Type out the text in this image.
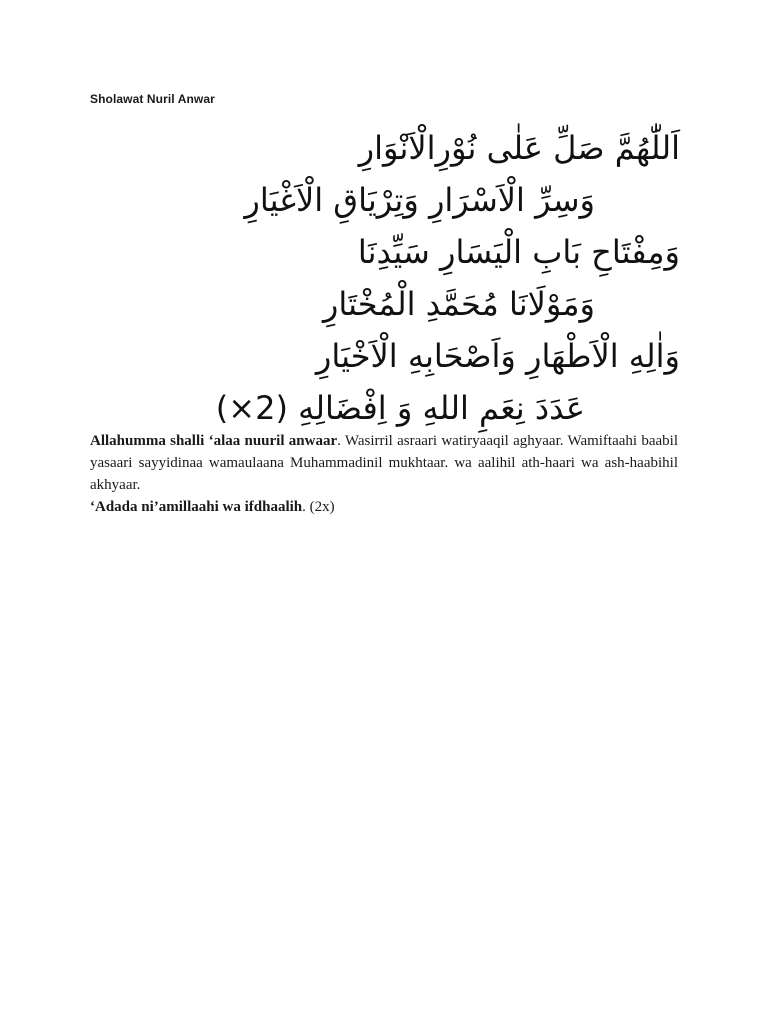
Sholawat Nuril Anwar
اَللّٰهُمَّ صَلِّ عَلٰى نُوْرِالْاَنْوَارِ
وَسِرِّ الْاَسْرَارِ وَتِرْيَاقِ الْاَغْيَارِ
وَمِفْتَاحِ بَابِ الْيَسَارِ سَيِّدِنَا
وَمَوْلَانَا مُحَمَّدِ الْمُخْتَارِ
وَاٰلِهِ الْاَطْهَارِ وَاَصْحَابِهِ الْاَخْيَارِ
عَدَدَ نِعَمِ اللهِ وَ اِفْضَالِهِ (2×)

Allahumma shalli ‘alaa nuuril anwaar. Wasirril asraari watiryaaqil aghyaar. Wamiftaahi baabil yasaari sayyidinaa wamaulaana Muhammadinil mukhtaar. wa aalihil ath-haari wa ash-haabihil akhyaar.

‘Adada ni’amillaahi wa ifdhaalih. (2x)
